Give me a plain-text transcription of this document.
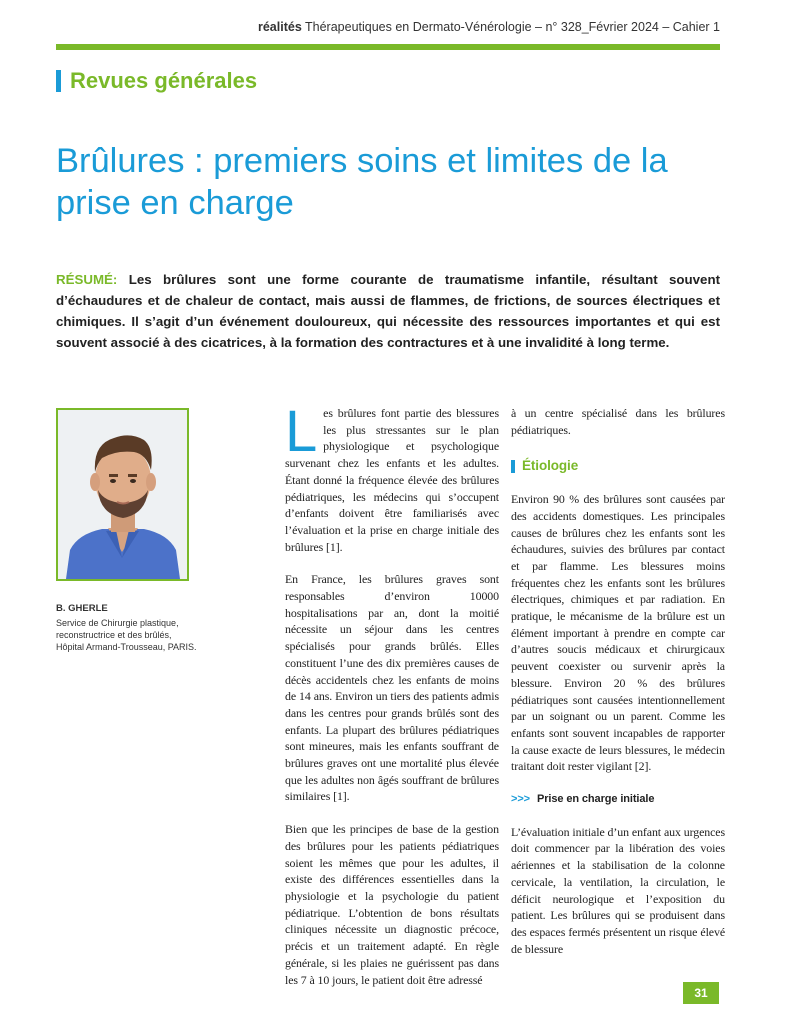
réalités Thérapeutiques en Dermato-Vénérologie – n° 328_Février 2024 – Cahier 1
Revues générales
Brûlures : premiers soins et limites de la prise en charge

RÉSUMÉ: Les brûlures sont une forme courante de traumatisme infantile, résultant souvent d’échaudures et de chaleur de contact, mais aussi de flammes, de frictions, de sources électriques et chimiques. Il s’agit d’un événement douloureux, qui nécessite des ressources importantes et qui est souvent associé à des cicatrices, à la formation des contractures et à une invalidité à long terme.

B. GHERLE
Service de Chirurgie plastique,
reconstructrice et des brûlés,
Hôpital Armand-Trousseau, PARIS.

Les brûlures font partie des blessures les plus stressantes sur le plan physiologique et psychologique survenant chez les enfants et les adultes. Étant donné la fréquence élevée des brûlures pédiatriques, les médecins qui s’occupent d’enfants doivent être familiarisés avec l’évaluation et la prise en charge initiale des brûlures [1].

En France, les brûlures graves sont responsables d’environ 10000 hospitalisations par an, dont la moitié nécessite un séjour dans les centres spécialisés pour grands brûlés. Elles constituent l’une des dix premières causes de décès accidentels chez les enfants de moins de 14 ans. Environ un tiers des patients admis dans les centres pour grands brûlés sont des enfants. La plupart des brûlures pédiatriques sont mineures, mais les enfants souffrant de brûlures graves ont une mortalité plus élevée que les adultes non âgés souffrant de brûlures similaires [1].

Bien que les principes de base de la gestion des brûlures pour les patients pédiatriques soient les mêmes que pour les adultes, il existe des différences essentielles dans la physiologie et la psychologie du patient pédiatrique. L’obtention de bons résultats cliniques nécessite un diagnostic précoce, précis et un traitement adapté. En règle générale, si les plaies ne guérissent pas dans les 7 à 10 jours, le patient doit être adressé

à un centre spécialisé dans les brûlures pédiatriques.

Étiologie

Environ 90 % des brûlures sont causées par des accidents domestiques. Les principales causes de brûlures chez les enfants sont les échaudures, suivies des brûlures par contact et par flamme. Les blessures moins fréquentes chez les enfants sont les brûlures électriques, chimiques et par radiation. En pratique, le mécanisme de la brûlure est un élément important à prendre en compte car d’autres soucis médicaux et chirurgicaux peuvent coexister ou survenir après la blessure. Environ 20 % des brûlures pédiatriques sont causées intentionnellement par un soignant ou un parent. Comme les enfants sont souvent incapables de rapporter la cause exacte de leurs blessures, le médecin traitant doit rester vigilant [2].

>>> Prise en charge initiale

L’évaluation initiale d’un enfant aux urgences doit commencer par la libération des voies aériennes et la stabilisation de la colonne cervicale, la ventilation, la circulation, le déficit neurologique et l’exposition du patient. Les brûlures qui se produisent dans des espaces fermés présentent un risque élevé de blessure

31
